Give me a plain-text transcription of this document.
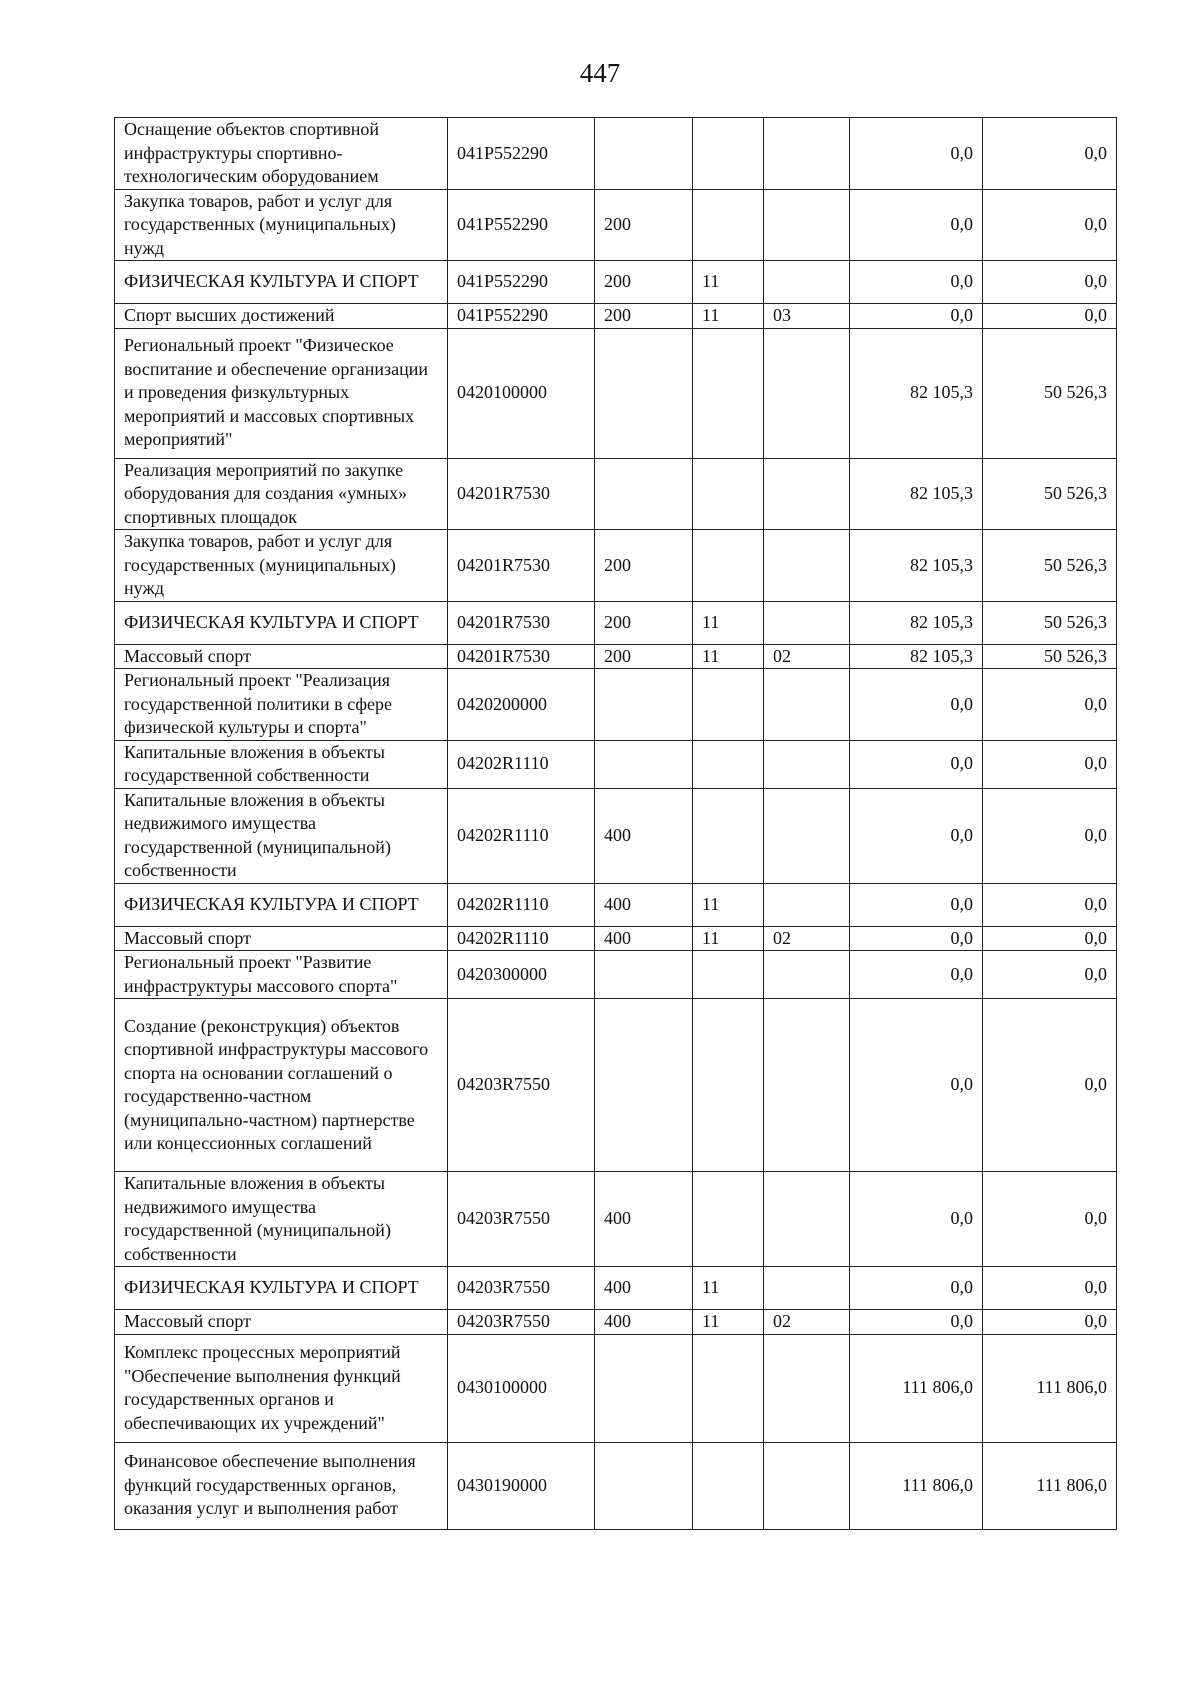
447
Оснащение объектов спортивной инфраструктуры спортивно-технологическим оборудованием	041P552290				0,0	0,0
Закупка товаров, работ и услуг для государственных (муниципальных) нужд	041P552290	200			0,0	0,0
ФИЗИЧЕСКАЯ КУЛЬТУРА И СПОРТ	041P552290	200	11		0,0	0,0
Спорт высших достижений	041P552290	200	11	03	0,0	0,0
Региональный проект "Физическое воспитание и обеспечение организации и проведения физкультурных мероприятий и массовых спортивных мероприятий"	0420100000				82 105,3	50 526,3
Реализация мероприятий по закупке оборудования для создания «умных» спортивных площадок	04201R7530				82 105,3	50 526,3
Закупка товаров, работ и услуг для государственных (муниципальных) нужд	04201R7530	200			82 105,3	50 526,3
ФИЗИЧЕСКАЯ КУЛЬТУРА И СПОРТ	04201R7530	200	11		82 105,3	50 526,3
Массовый спорт	04201R7530	200	11	02	82 105,3	50 526,3
Региональный проект "Реализация государственной политики в сфере физической культуры и спорта"	0420200000				0,0	0,0
Капитальные вложения в объекты государственной собственности	04202R1110				0,0	0,0
Капитальные вложения в объекты недвижимого имущества государственной (муниципальной) собственности	04202R1110	400			0,0	0,0
ФИЗИЧЕСКАЯ КУЛЬТУРА И СПОРТ	04202R1110	400	11		0,0	0,0
Массовый спорт	04202R1110	400	11	02	0,0	0,0
Региональный проект "Развитие инфраструктуры массового спорта"	0420300000				0,0	0,0
Создание (реконструкция) объектов спортивной инфраструктуры массового спорта на основании соглашений о государственно-частном (муниципально-частном) партнерстве или концессионных соглашений	04203R7550				0,0	0,0
Капитальные вложения в объекты недвижимого имущества государственной (муниципальной) собственности	04203R7550	400			0,0	0,0
ФИЗИЧЕСКАЯ КУЛЬТУРА И СПОРТ	04203R7550	400	11		0,0	0,0
Массовый спорт	04203R7550	400	11	02	0,0	0,0
Комплекс процессных мероприятий "Обеспечение выполнения функций государственных органов и обеспечивающих их учреждений"	0430100000				111 806,0	111 806,0
Финансовое обеспечение выполнения функций государственных органов, оказания услуг и выполнения работ	0430190000				111 806,0	111 806,0
